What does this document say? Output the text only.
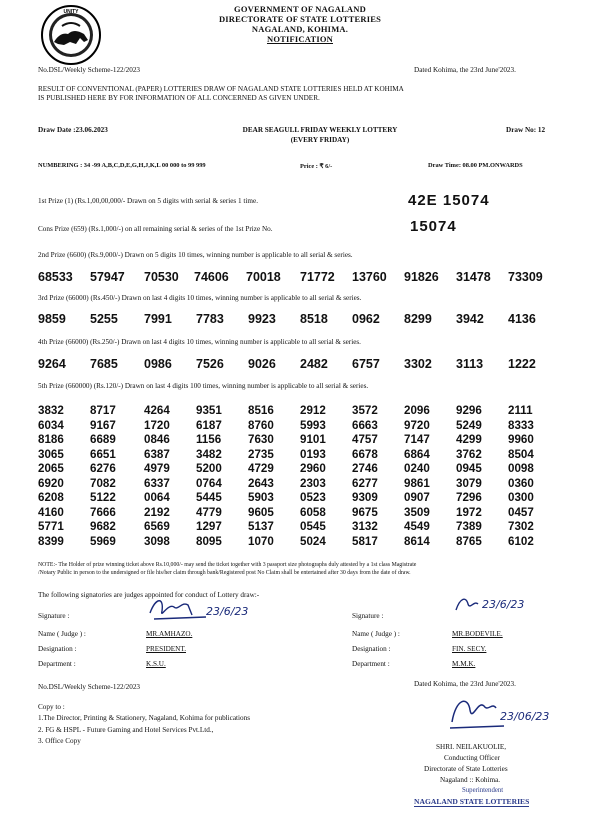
UNITY	GOVERNMENT OF NAGALAND
DIRECTORATE OF STATE LOTTERIES
NAGALAND, KOHIMA.
NOTIFICATION
No.DSL/Weekly Scheme-122/2023	Dated Kohima, the 23rd June'2023.
RESULT OF CONVENTIONAL (PAPER) LOTTERIES DRAW OF NAGALAND STATE LOTTERIES HELD AT KOHIMA
IS PUBLISHED HERE BY FOR INFORMATION OF ALL CONCERNED AS GIVEN UNDER.
Draw Date :23.06.2023	DEAR SEAGULL FRIDAY WEEKLY LOTTERY
(EVERY FRIDAY)
Draw No: 12
NUMBERING : 34 -99 A,B,C,D,E,G,H,J,K,L 00 000 to 99 999	Price : ₹ 6/-	Draw Time: 08.00 PM.ONWARDS
1st Prize (1) (Rs.1,00,00,000/- Drawn on 5 digits with serial & series 1 time.	42E 15074
Cons Prize (659) (Rs.1,000/-) on all remaining serial & series of the 1st Prize No.	15074
2nd Prize (6600) (Rs.9,000/-) Drawn on 5 digits 10 times, winning number is applicable to all serial & series.
68533 57947 70530 74606 70018 71772 13760 91826 31478 73309
3rd Prize (66000) (Rs.450/-) Drawn on last 4 digits 10 times, winning number is applicable to all serial & series.
9859 5255 7991 7783 9923 8518 0962 8299 3942 4136
4th Prize (66000) (Rs.250/-) Drawn on last 4 digits 10 times, winning number is applicable to all serial & series.
9264 7685 0986 7526 9026 2482 6757 3302 3113 1222
5th Prize (660000) (Rs.120/-) Drawn on last 4 digits 100 times, winning number is applicable to all serial & series.
3832 8717 4264 9351 8516 2912 3572 2096 9296 2111
6034 9167 1720 6187 8760 5993 6663 9720 5249 8333
8186 6689 0846 1156 7630 9101 4757 7147 4299 9960
3065 6651 6387 3482 2735 0193 6678 6864 3762 8504
2065 6276 4979 5200 4729 2960 2746 0240 0945 0098
6920 7082 6337 0764 2643 2303 6277 9861 3079 0360
6208 5122 0064 5445 5903 0523 9309 0907 7296 0300
4160 7666 2192 4779 9605 6058 9675 3509 1972 0457
5771 9682 6569 1297 5137 0545 3132 4549 7389 7302
8399 5969 3098 8095 1070 5024 5817 8614 8765 6102
NOTE:- The Holder of prize winning ticket above Rs.10,000/- may send the ticket together with 3 passport size photographs duly attested by a 1st class Magistrate
/Notary Public in person to the undersigned or file his/her claim through bank/Registered post No Claim shall be entertained after 30 days from the date of draw.
The following signatories are judges appointed for conduct of Lottery draw:-
Signature :	23/6/23
Name ( Judge ) :	MR.AMHAZO.
Designation :	PRESIDENT.
Department :	K.S.U.
Signature :
23/6/23
Name ( Judge ) :	MR.BODEVILE.
Designation :	FIN. SECY.
Department :	M.M.K.
No.DSL/Weekly Scheme-122/2023	Dated Kohima, the 23rd June'2023.
Copy to :
1.The Director, Printing & Stationery, Nagaland, Kohima for publications
2. FG & HSPL - Future Gaming and Hotel Services Pvt.Ltd.,
3. Office Copy
23/06/23
SHRI. NEILAKUOLIE,
Conducting Officer
Directorate of State Lotteries
Nagaland :: Kohima.
Superintendent
NAGALAND STATE LOTTERIES
